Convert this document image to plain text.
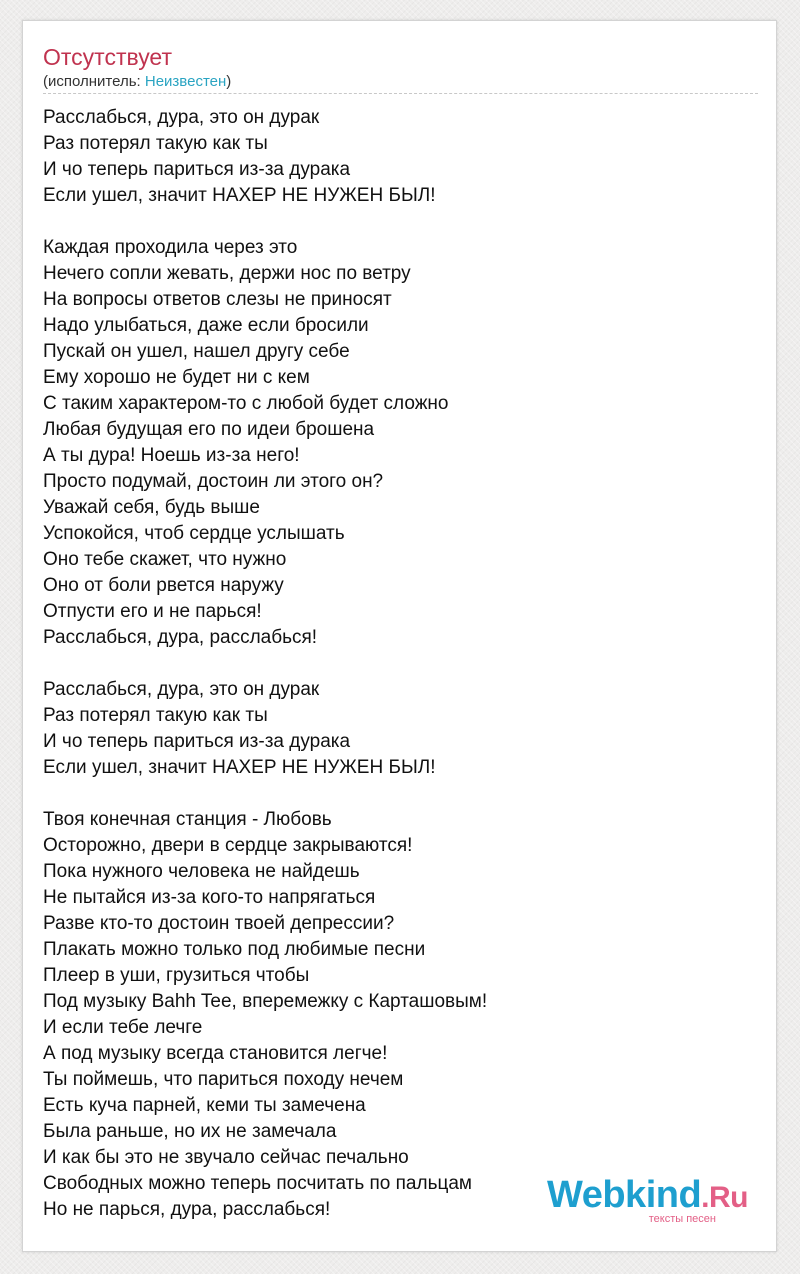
Отсутствует
(исполнитель: Неизвестен)
Расслабься, дура, это он дурак
Раз потерял такую как ты
И чо теперь париться из-за дурака
Если ушел, значит НАХЕР НЕ НУЖЕН БЫЛ!
Каждая проходила через это
Нечего сопли жевать, держи нос по ветру
На вопросы ответов слезы не приносят
Надо улыбаться, даже если бросили
Пускай он ушел, нашел другу себе
Ему хорошо не будет ни с кем
С таким характером-то с любой будет сложно
Любая будущая его по идеи брошена
А ты дура! Ноешь из-за него!
Просто подумай, достоин ли этого он?
Уважай себя, будь выше
Успокойся, чтоб сердце услышать
Оно тебе скажет, что нужно
Оно от боли рвется наружу
Отпусти его и не парься!
Расслабься, дура, расслабься!
Расслабься, дура, это он дурак
Раз потерял такую как ты
И чо теперь париться из-за дурака
Если ушел, значит НАХЕР НЕ НУЖЕН БЫЛ!
Твоя конечная станция - Любовь
Осторожно, двери в сердце закрываются!
Пока нужного человека не найдешь
Не пытайся из-за кого-то напрягаться
Разве кто-то достоин твоей депрессии?
Плакать можно только под любимые песни
Плеер в уши, грузиться чтобы
Под музыку Bahh Tee, вперемежку с Карташовым!
И если тебе лечге
А под музыку всегда становится легче!
Ты поймешь, что париться походу нечем
Есть куча парней, кеми ты замечена
Была раньше, но их не замечала
И как бы это не звучало сейчас печально
Свободных можно теперь посчитать по пальцам
Но не парься, дура, расслабься!	Webkind.Ru
тексты песен
